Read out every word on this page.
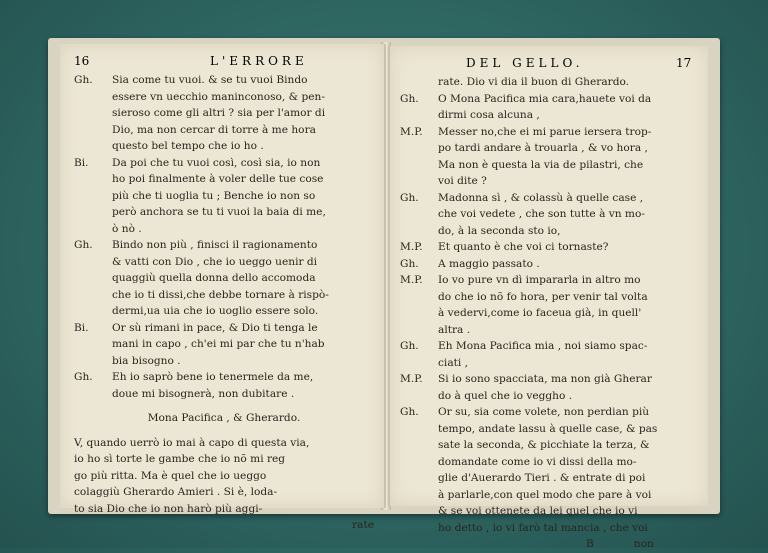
16	L'ERRORE
Gh. Sia come tu vuoi. & se tu vuoi Bindo
essere vn uecchio maninconoso, & pen-
sieroso come gli altri ? sia per l'amor di
Dio, ma non cercar di torre à me hora
questo bel tempo che io ho .
Bi. Da poi che tu vuoi così, così sia, io non
ho poi finalmente à voler delle tue cose
più che ti uoglia tu ; Benche io non so
però anchora se tu ti vuoi la baia di me,
ò nò .
Gh. Bindo non più , finisci il ragionamento
& vatti con Dio , che io ueggo uenir di
quaggiù quella donna dello accomoda
che io ti dissi,che debbe tornare à rispò-
dermi,ua uia che io uoglio essere solo.
Bi. Or sù rimani in pace, & Dio ti tenga le
mani in capo , ch'ei mi par che tu n'hab
bia bisogno .
Gh. Eh io saprò bene io tenermele da me,
doue mi bisognerà, non dubitare .
Mona Pacifica , & Gherardo.
V, quando uerrò io mai à capo di questa via,
io ho sì torte le gambe che io nõ mi reg
go più ritta. Ma è quel che io ueggo
colaggiù Gherardo Amieri . Si è, loda-
to sia Dio che io non harò più aggi-
rate
DEL GELLO.	17
rate. Dio vi dia il buon di Gherardo.
Gh. O Mona Pacifica mia cara,hauete voi da
dirmi cosa alcuna ,
M.P. Messer no,che ei mi parue iersera trop-
po tardi andare à trouarla , & vo hora ,
Ma non è questa la via de pilastri, che
voi dite ?
Gh. Madonna sì , & colassù à quelle case ,
che voi vedete , che son tutte à vn mo-
do, à la seconda sto io,
M.P. Et quanto è che voi ci tornaste?
Gh. A maggio passato .
M.P. Io vo pure vn dì impararla in altro mo
do che io nõ fo hora, per venir tal volta
à vedervi,come io faceua già, in quell'
altra .
Gh. Eh Mona Pacifica mia , noi siamo spac-
ciati ,
M.P. Si io sono spacciata, ma non già Gherar
do à quel che io veggho .
Gh. Or su, sia come volete, non perdian più
tempo, andate lassu à quelle case, & pas
sate la seconda, & picchiate la terza, &
domandate come io vi dissi della mo-
glie d'Auerardo Tieri . & entrate di poi
à parlarle,con quel modo che pare à voi
& se voi ottenete da lei quel che io vi
ho detto , io vi farò tal mancia , che voi
B	non
